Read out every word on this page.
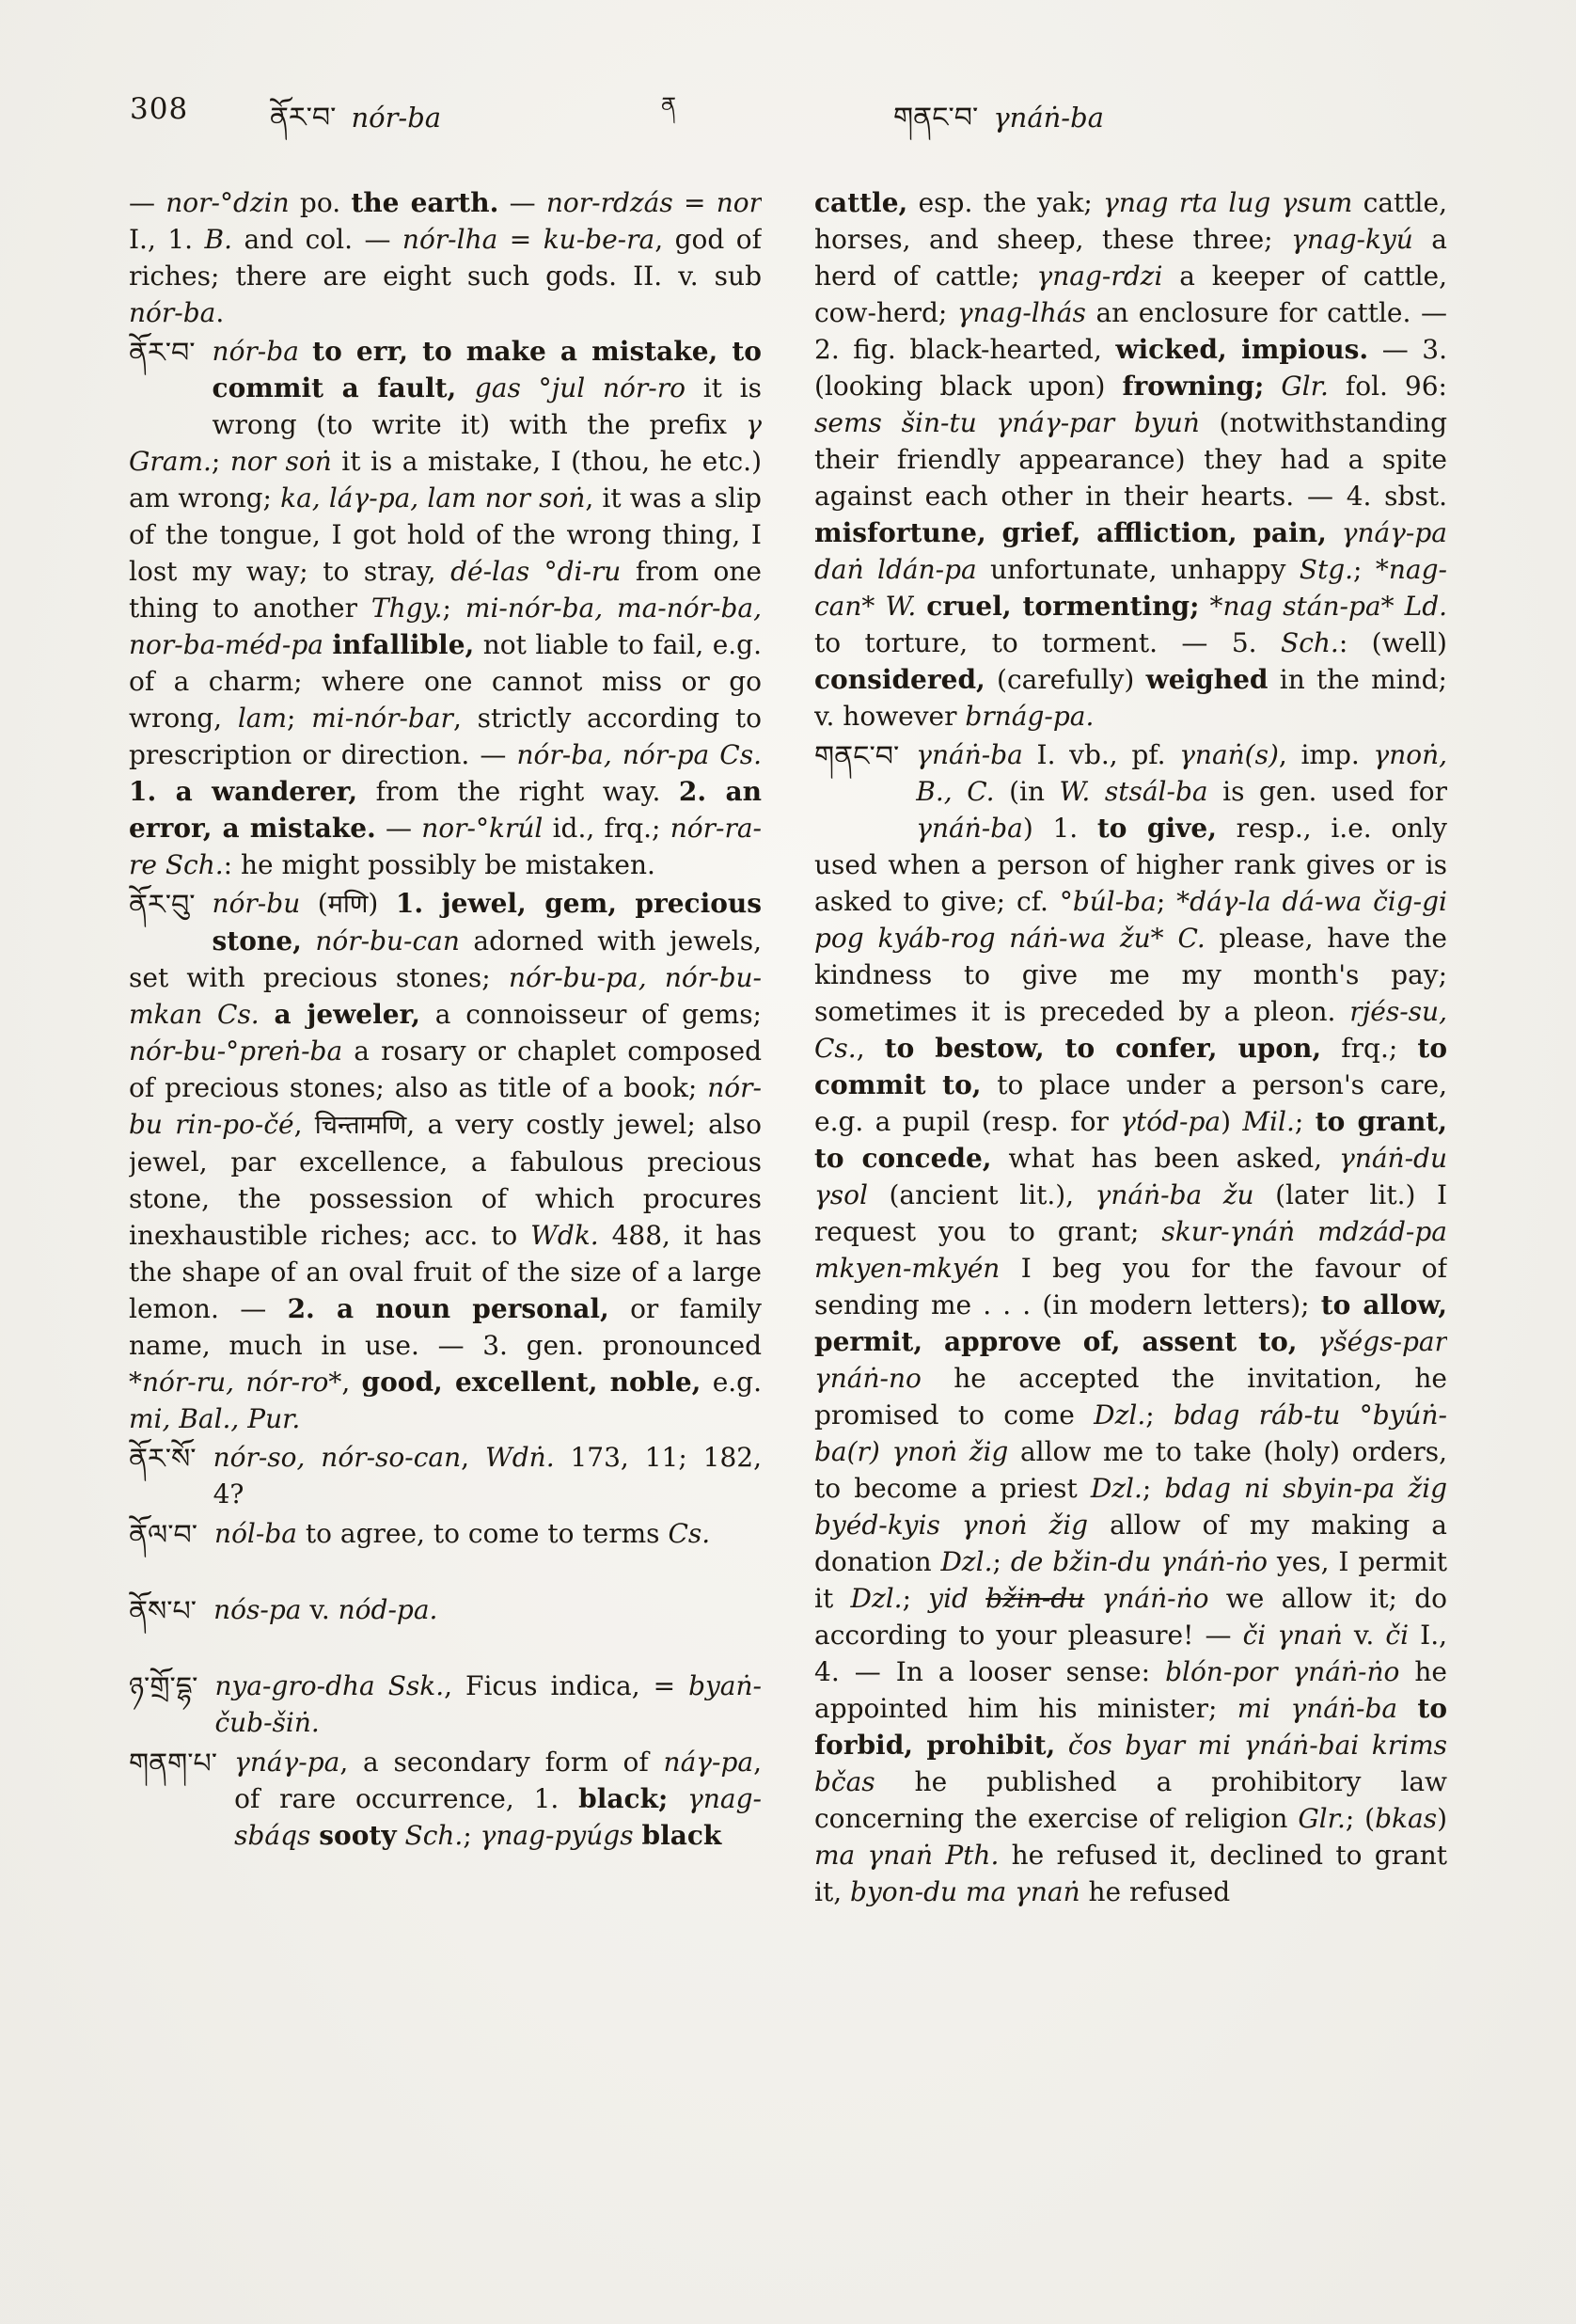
308	ནོར་བ་ nór-ba	ན	གནང་བ་ γnáṅ-ba

— nor-°dzin po. the earth. — nor-rdzás = nor I., 1. B. and col. — nór-lha = ku-be-ra, god of riches; there are eight such gods. II. v. sub nór-ba.

ནོར་བ་ nór-ba to err, to make a mistake, to commit a fault, gas °jul nór-ro it is wrong (to write it) with the prefix γ Gram.; nor soṅ it is a mistake, I (thou, he etc.) am wrong; ka, láγ-pa, lam nor soṅ, it was a slip of the tongue, I got hold of the wrong thing, I lost my way; to stray, dé-las °di-ru from one thing to another Thgy.; mi-nór-ba, ma-nór-ba, nor-ba-méd-pa infallible, not liable to fail, e.g. of a charm; where one cannot miss or go wrong, lam; mi-nór-bar, strictly according to prescription or direction. — nór-ba, nór-pa Cs. 1. a wanderer, from the right way. 2. an error, a mistake. — nor-°krúl id., frq.; nór-ra-re Sch.: he might possibly be mistaken.

ནོར་བུ་ nór-bu (मणि) 1. jewel, gem, precious stone, nór-bu-can adorned with jewels, set with precious stones; nór-bu-pa, nór-bu-mkan Cs. a jeweler, a connoisseur of gems; nór-bu-°preṅ-ba a rosary or chaplet composed of precious stones; also as title of a book; nór-bu rin-po-čé, चिन्तामणि, a very costly jewel; also jewel, par excellence, a fabulous precious stone, the possession of which procures inexhaustible riches; acc. to Wdk. 488, it has the shape of an oval fruit of the size of a large lemon. — 2. a noun personal, or family name, much in use. — 3. gen. pronounced *nór-ru, nór-ro*, good, excellent, noble, e.g. mi, Bal., Pur.

ནོར་སོ་ nór-so, nór-so-can, Wdṅ. 173, 11; 182, 4?

ནོལ་བ་ nól-ba to agree, to come to terms Cs.

ནོས་པ་ nós-pa v. nód-pa.

ཉ་གྲོ་དྷ་ nya-gro-dha Ssk., Ficus indica, = byaṅ-čub-šiṅ.

གནག་པ་ γnáγ-pa, a secondary form of náγ-pa, of rare occurrence, 1. black; γnag-sbáqs sooty Sch.; γnag-pyúgs black

cattle, esp. the yak; γnag rta lug γsum cattle, horses, and sheep, these three; γnag-kyú a herd of cattle; γnag-rdzi a keeper of cattle, cow-herd; γnag-lhás an enclosure for cattle. — 2. fig. black-hearted, wicked, impious. — 3. (looking black upon) frowning; Glr. fol. 96: sems šin-tu γnáγ-par byuṅ (notwithstanding their friendly appearance) they had a spite against each other in their hearts. — 4. sbst. misfortune, grief, affliction, pain, γnáγ-pa daṅ ldán-pa unfortunate, unhappy Stg.; *nag-can* W. cruel, tormenting; *nag stán-pa* Ld. to torture, to torment. — 5. Sch.: (well) considered, (carefully) weighed in the mind; v. however brnág-pa.

གནང་བ་ γnáṅ-ba I. vb., pf. γnaṅ(s), imp. γnoṅ, B., C. (in W. stsál-ba is gen. used for γnáṅ-ba) 1. to give, resp., i.e. only used when a person of higher rank gives or is asked to give; cf. °búl-ba; *dáγ-la dá-wa čig-gi pog kyáb-rog náṅ-wa žu* C. please, have the kindness to give me my month's pay; sometimes it is preceded by a pleon. rjés-su, Cs., to bestow, to confer, upon, frq.; to commit to, to place under a person's care, e.g. a pupil (resp. for γtód-pa) Mil.; to grant, to concede, what has been asked, γnáṅ-du γsol (ancient lit.), γnáṅ-ba žu (later lit.) I request you to grant; skur-γnáṅ mdzád-pa mkyen-mkyén I beg you for the favour of sending me . . . (in modern letters); to allow, permit, approve of, assent to, γšégs-par γnáṅ-no he accepted the invitation, he promised to come Dzl.; bdag ráb-tu °byúṅ-ba(r) γnoṅ žig allow me to take (holy) orders, to become a priest Dzl.; bdag ni sbyin-pa žig byéd-kyis γnoṅ žig allow of my making a donation Dzl.; de bžin-du γnáṅ-ṅo yes, I permit it Dzl.; yid bžin-du γnáṅ-ṅo we allow it; do according to your pleasure! — či γnaṅ v. či I., 4. — In a looser sense: blón-por γnáṅ-ṅo he appointed him his minister; mi γnáṅ-ba to forbid, prohibit, čos byar mi γnáṅ-bai krims bčas he published a prohibitory law concerning the exercise of religion Glr.; (bkas) ma γnaṅ Pth. he refused it, declined to grant it, byon-du ma γnaṅ he refused
